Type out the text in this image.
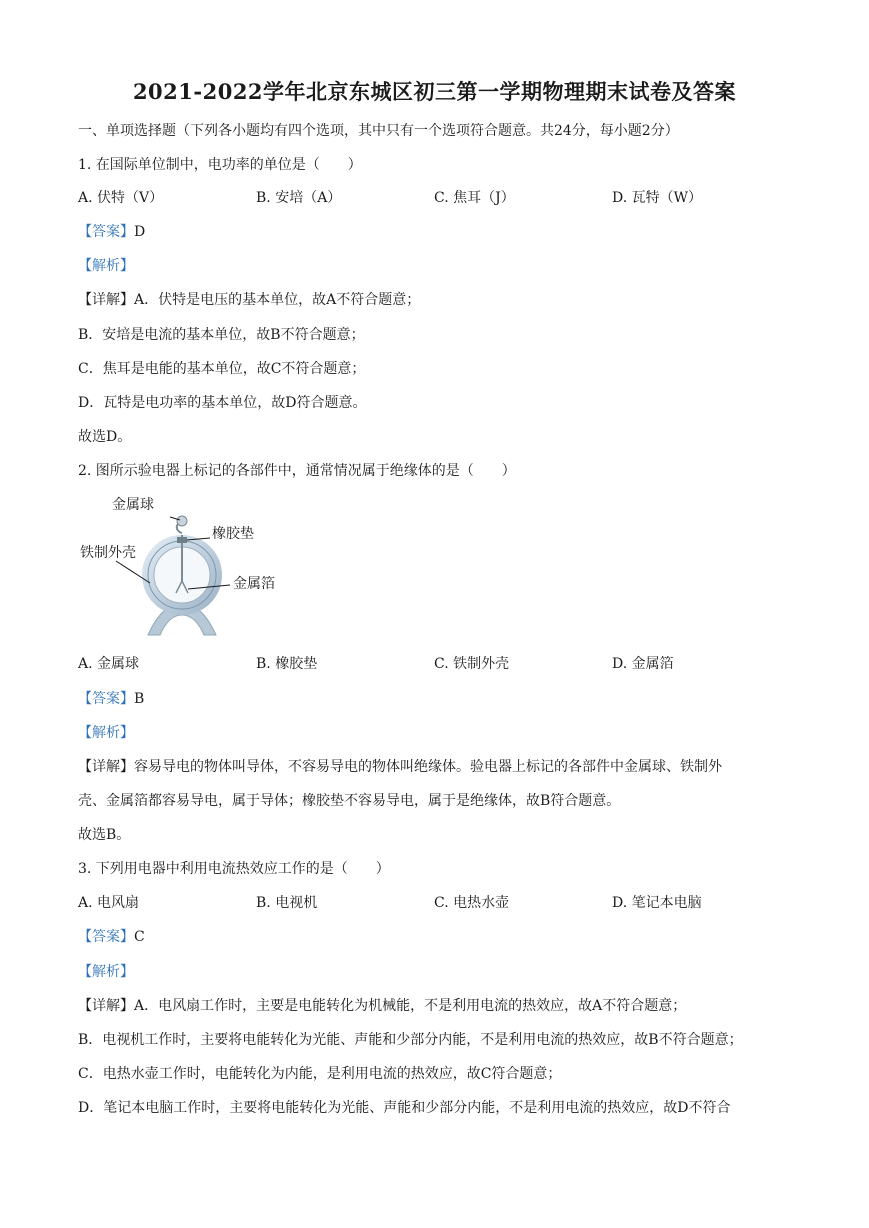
2021-2022学年北京东城区初三第一学期物理期末试卷及答案
一、单项选择题（下列各小题均有四个选项，其中只有一个选项符合题意。共24分，每小题2分）
1. 在国际单位制中，电功率的单位是（　　）
A. 伏特（V）	B. 安培（A）	C. 焦耳（J）	D. 瓦特（W）
【答案】D
【解析】
【详解】A．伏特是电压的基本单位，故A不符合题意；
B．安培是电流的基本单位，故B不符合题意；
C．焦耳是电能的基本单位，故C不符合题意；
D．瓦特是电功率的基本单位，故D符合题意。
故选D。
2. 图所示验电器上标记的各部件中，通常情况属于绝缘体的是（　　）
金属球
橡胶垫
铁制外壳
金属箔
A. 金属球	B. 橡胶垫	C. 铁制外壳	D. 金属箔
【答案】B
【解析】
【详解】容易导电的物体叫导体，不容易导电的物体叫绝缘体。验电器上标记的各部件中金属球、铁制外
壳、金属箔都容易导电，属于导体；橡胶垫不容易导电，属于是绝缘体，故B符合题意。
故选B。
3. 下列用电器中利用电流热效应工作的是（　　）
A. 电风扇	B. 电视机	C. 电热水壶	D. 笔记本电脑
【答案】C
【解析】
【详解】A．电风扇工作时，主要是电能转化为机械能，不是利用电流的热效应，故A不符合题意；
B．电视机工作时，主要将电能转化为光能、声能和少部分内能，不是利用电流的热效应，故B不符合题意；
C．电热水壶工作时，电能转化为内能，是利用电流的热效应，故C符合题意；
D．笔记本电脑工作时，主要将电能转化为光能、声能和少部分内能，不是利用电流的热效应，故D不符合
